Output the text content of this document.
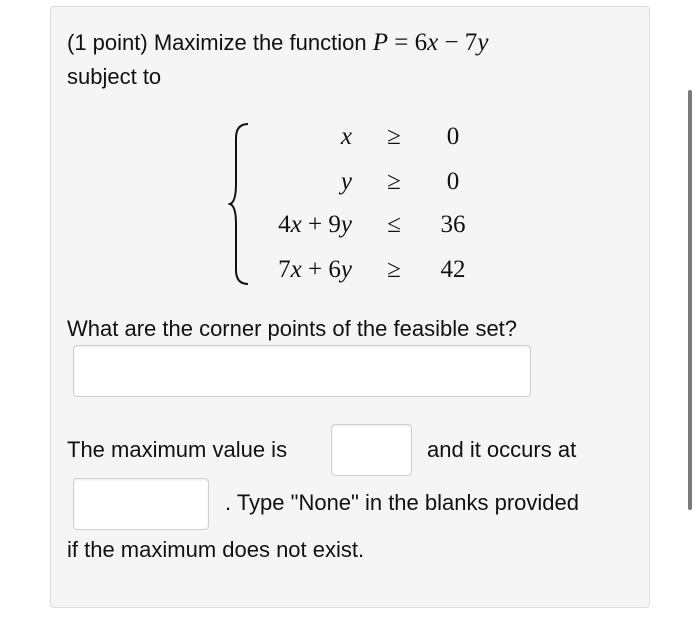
(1 point) Maximize the function P = 6x − 7y
subject to
x	≥	0
y	≥	0
4x + 9y	≤	36
7x + 6y	≥	42
What are the corner points of the feasible set?
The maximum value is	and it occurs at
. Type "None" in the blanks provided
if the maximum does not exist.
